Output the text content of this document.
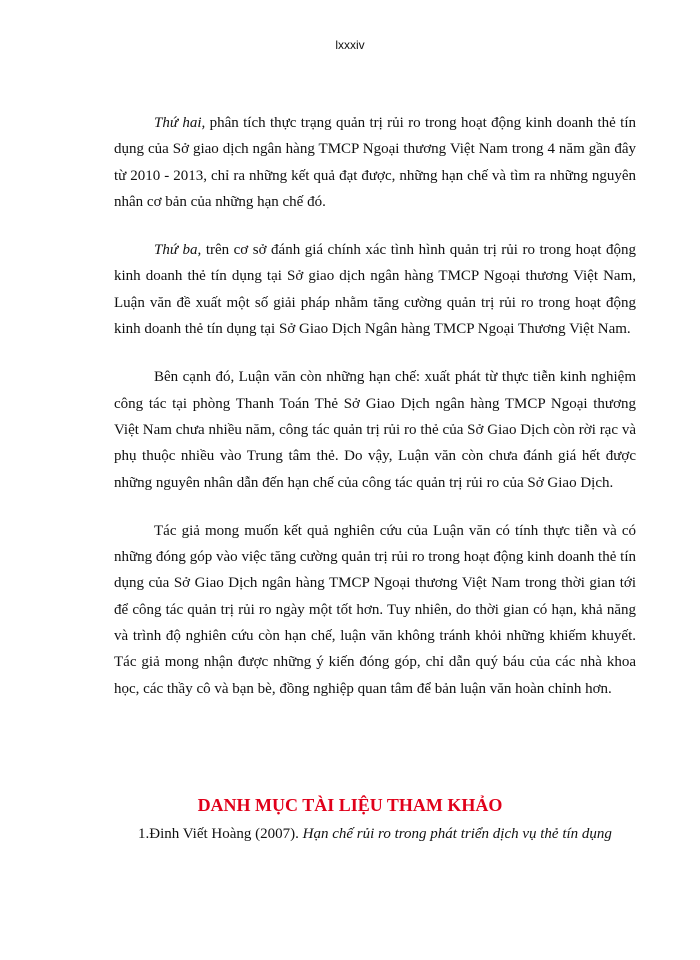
lxxxiv

Thứ hai, phân tích thực trạng quản trị rủi ro trong hoạt động kinh doanh thẻ tín dụng của Sở giao dịch ngân hàng TMCP Ngoại thương Việt Nam trong 4 năm gần đây từ 2010 - 2013, chỉ ra những kết quả đạt được, những hạn chế và tìm ra những nguyên nhân cơ bản của những hạn chế đó.

Thứ ba, trên cơ sở đánh giá chính xác tình hình quản trị rủi ro trong hoạt động kinh doanh thẻ tín dụng tại Sở giao dịch ngân hàng TMCP Ngoại thương Việt Nam, Luận văn đề xuất một số giải pháp nhằm tăng cường quản trị rủi ro trong hoạt động kinh doanh thẻ tín dụng tại Sở Giao Dịch Ngân hàng TMCP Ngoại Thương Việt Nam.

Bên cạnh đó, Luận văn còn những hạn chế: xuất phát từ thực tiễn kinh nghiệm công tác tại phòng Thanh Toán Thẻ Sở Giao Dịch ngân hàng TMCP Ngoại thương Việt Nam chưa nhiều năm, công tác quản trị rủi ro thẻ của Sở Giao Dịch còn rời rạc và phụ thuộc nhiều vào Trung tâm thẻ. Do vậy, Luận văn còn chưa đánh giá hết được những nguyên nhân dẫn đến hạn chế của công tác quản trị rủi ro của Sở Giao Dịch.

Tác giả mong muốn kết quả nghiên cứu của Luận văn có tính thực tiễn và có những đóng góp vào việc tăng cường quản trị rủi ro trong hoạt động kinh doanh thẻ tín dụng của Sở Giao Dịch ngân hàng TMCP Ngoại thương Việt Nam trong thời gian tới để công tác quản trị rủi ro ngày một tốt hơn. Tuy nhiên, do thời gian có hạn, khả năng và trình độ nghiên cứu còn hạn chế, luận văn không tránh khỏi những khiếm khuyết. Tác giả mong nhận được những ý kiến đóng góp, chỉ dẫn quý báu của các nhà khoa học, các thầy cô và bạn bè, đồng nghiệp quan tâm để bản luận văn hoàn chỉnh hơn.

DANH MỤC TÀI LIỆU THAM KHẢO
1.Đinh Viết Hoàng (2007). Hạn chế rủi ro trong phát triển dịch vụ thẻ tín dụng
